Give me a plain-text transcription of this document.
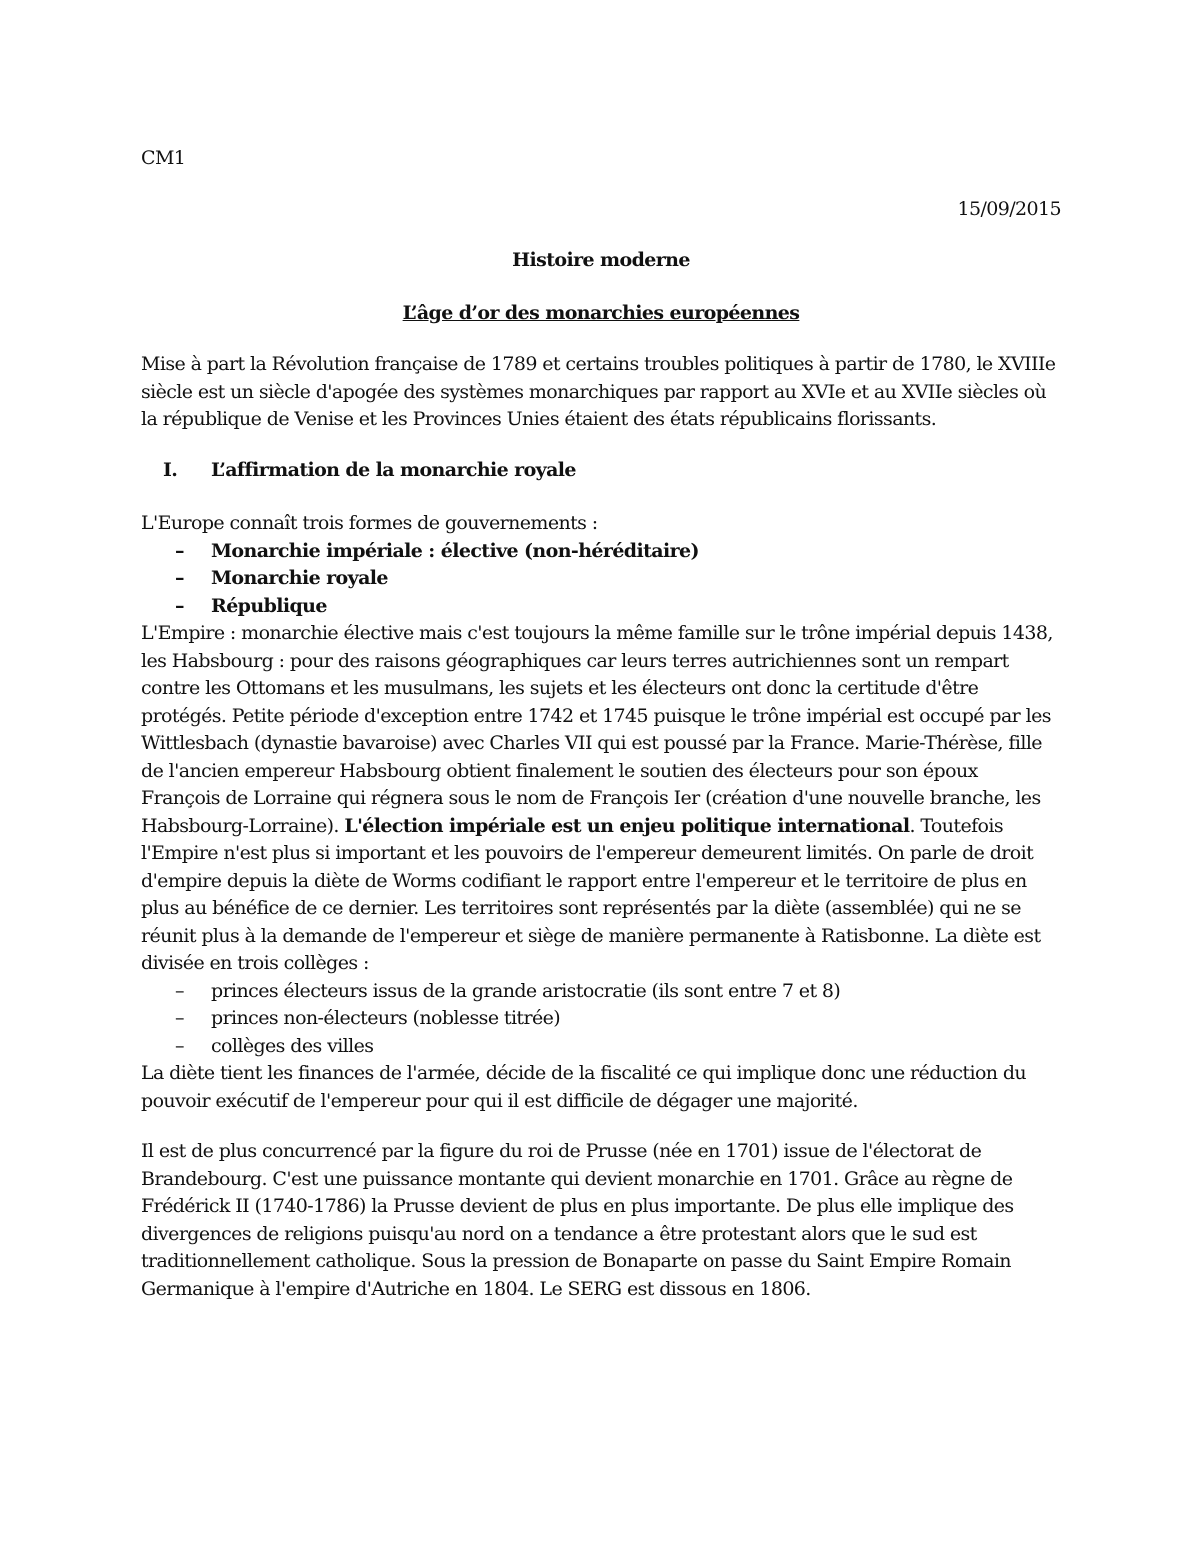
CM1

15/09/2015

Histoire moderne

L’âge d’or des monarchies européennes

Mise à part la Révolution française de 1789 et certains troubles politiques à partir de 1780, le XVIIIe siècle est un siècle d'apogée des systèmes monarchiques par rapport au XVIe et au XVIIe siècles où la république de Venise et les Provinces Unies étaient des états républicains florissants.

I.	L’affirmation de la monarchie royale

L'Europe connaît trois formes de gouvernements :

– Monarchie impériale : élective (non-héréditaire)
– Monarchie royale
– République

L'Empire : monarchie élective mais c'est toujours la même famille sur le trône impérial depuis 1438, les Habsbourg : pour des raisons géographiques car leurs terres autrichiennes sont un rempart contre les Ottomans et les musulmans, les sujets et les électeurs ont donc la certitude d'être protégés. Petite période d'exception entre 1742 et 1745 puisque le trône impérial est occupé par les Wittlesbach (dynastie bavaroise) avec Charles VII qui est poussé par la France. Marie-Thérèse, fille de l'ancien empereur Habsbourg obtient finalement le soutien des électeurs pour son époux François de Lorraine qui régnera sous le nom de François Ier (création d'une nouvelle branche, les Habsbourg-Lorraine). L'élection impériale est un enjeu politique international. Toutefois l'Empire n'est plus si important et les pouvoirs de l'empereur demeurent limités. On parle de droit d'empire depuis la diète de Worms codifiant le rapport entre l'empereur et le territoire de plus en plus au bénéfice de ce dernier. Les territoires sont représentés par la diète (assemblée) qui ne se réunit plus à la demande de l'empereur et siège de manière permanente à Ratisbonne. La diète est divisée en trois collèges :

– princes électeurs issus de la grande aristocratie (ils sont entre 7 et 8)
– princes non-électeurs (noblesse titrée)
– collèges des villes

La diète tient les finances de l'armée, décide de la fiscalité ce qui implique donc une réduction du pouvoir exécutif de l'empereur pour qui il est difficile de dégager une majorité.

Il est de plus concurrencé par la figure du roi de Prusse (née en 1701) issue de l'électorat de Brandebourg. C'est une puissance montante qui devient monarchie en 1701. Grâce au règne de Frédérick II (1740-1786) la Prusse devient de plus en plus importante. De plus elle implique des divergences de religions puisqu'au nord on a tendance a être protestant alors que le sud est traditionnellement catholique. Sous la pression de Bonaparte on passe du Saint Empire Romain Germanique à l'empire d'Autriche en 1804. Le SERG est dissous en 1806.
